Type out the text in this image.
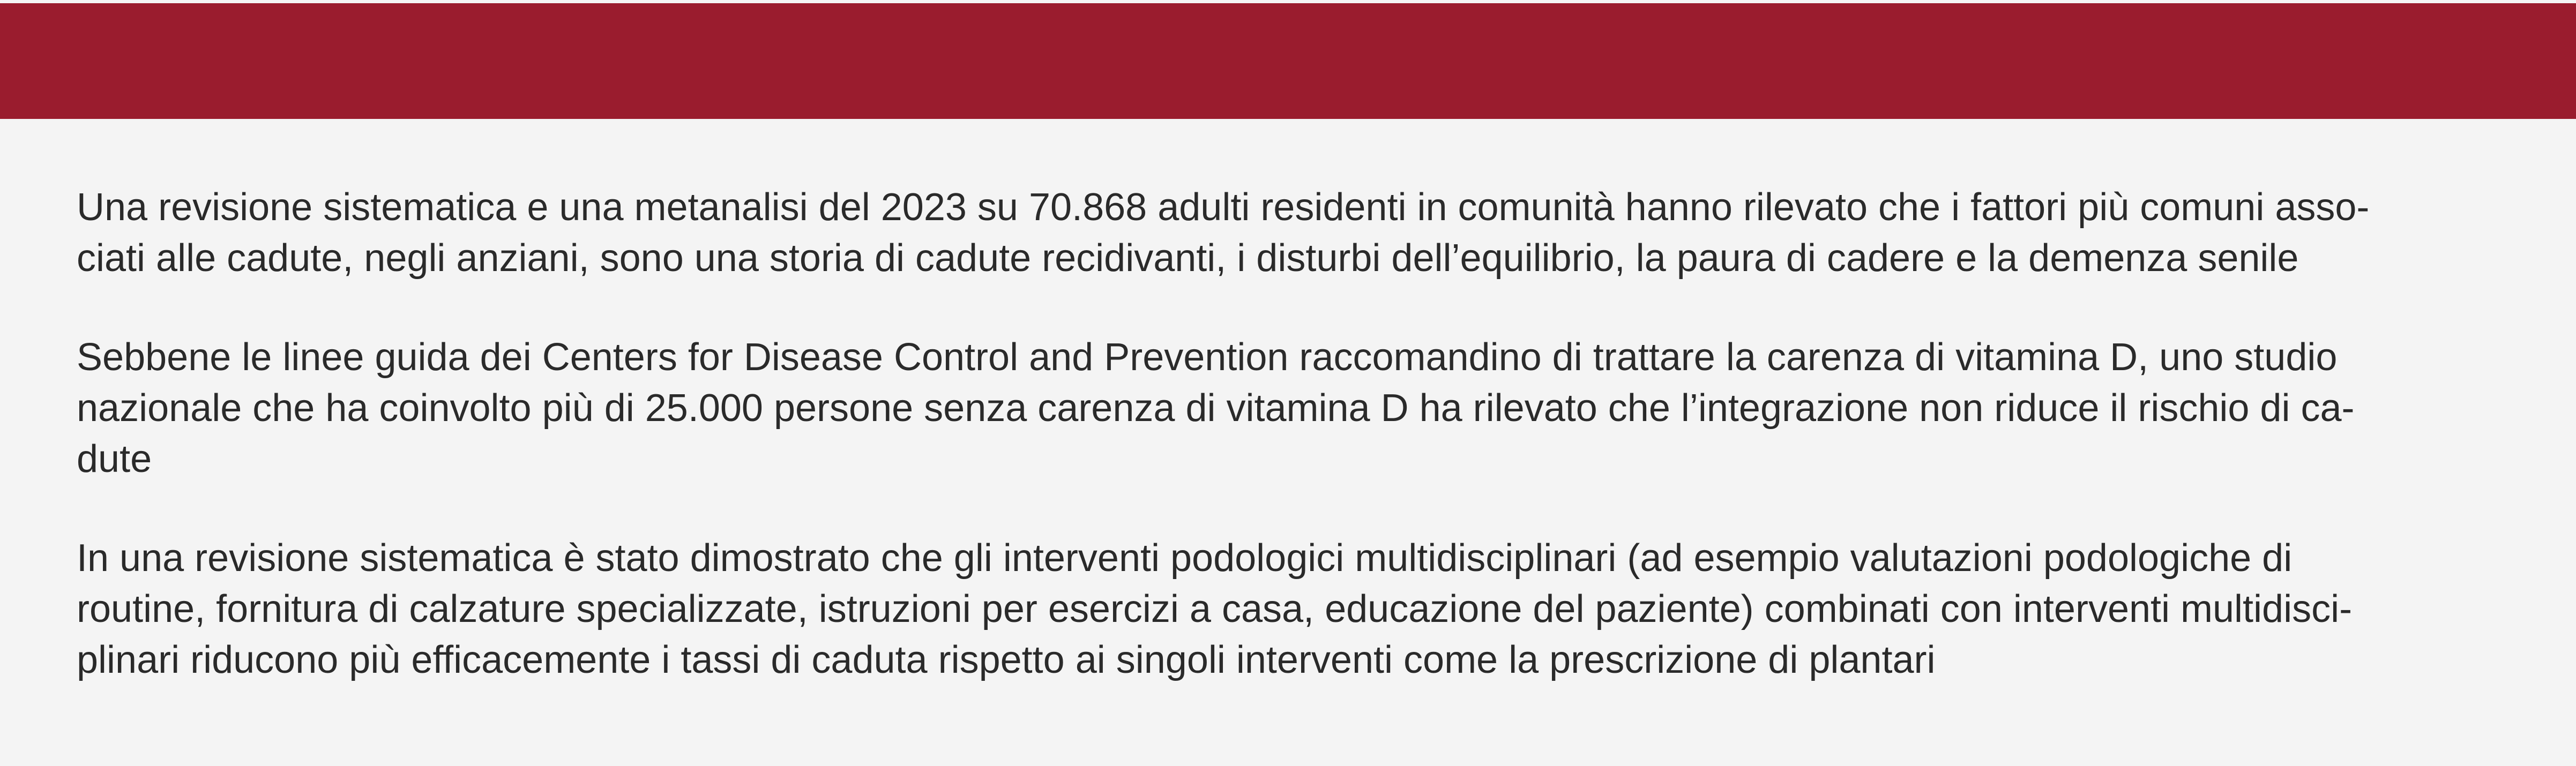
Una revisione sistematica e una metanalisi del 2023 su 70.868 adulti residenti in comunità hanno rilevato che i fattori più comuni asso-
ciati alle cadute, negli anziani, sono una storia di cadute recidivanti, i disturbi dell’equilibrio, la paura di cadere e la demenza senile

Sebbene le linee guida dei Centers for Disease Control and Prevention raccomandino di trattare la carenza di vitamina D, uno studio
nazionale che ha coinvolto più di 25.000 persone senza carenza di vitamina D ha rilevato che l’integrazione non riduce il rischio di ca-
dute

In una revisione sistematica è stato dimostrato che gli interventi podologici multidisciplinari (ad esempio valutazioni podologiche di
routine, fornitura di calzature specializzate, istruzioni per esercizi a casa, educazione del paziente) combinati con interventi multidisci-
plinari riducono più efficacemente i tassi di caduta rispetto ai singoli interventi come la prescrizione di plantari
